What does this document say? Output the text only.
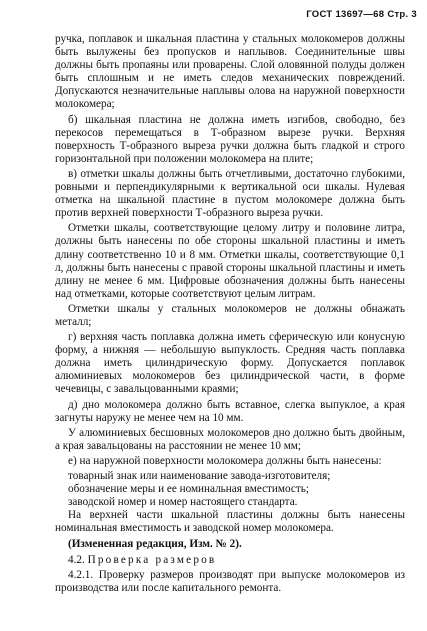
ГОСТ 13697—68 Стр. 3

ручка, поплавок и шкальная пластина у стальных молокомеров должны быть вылужены без пропусков и наплывов. Соединительные швы должны быть пропаяны или проварены. Слой оловянной полуды должен быть сплошным и не иметь следов механических повреждений. Допускаются незначительные наплывы олова на наружной поверхности молокомера;

б) шкальная пластина не должна иметь изгибов, свободно, без перекосов перемещаться в Т-образном вырезе ручки. Верхняя поверхность Т-образного выреза ручки должна быть гладкой и строго горизонтальной при положении молокомера на плите;

в) отметки шкалы должны быть отчетливыми, достаточно глубокими, ровными и перпендикулярными к вертикальной оси шкалы. Нулевая отметка на шкальной пластине в пустом молокомере должна быть против верхней поверхности Т-образного выреза ручки.

Отметки шкалы, соответствующие целому литру и половине литра, должны быть нанесены по обе стороны шкальной пластины и иметь длину соответственно 10 и 8 мм. Отметки шкалы, соответствующие 0,1 л, должны быть нанесены с правой стороны шкальной пластины и иметь длину не менее 6 мм. Цифровые обозначения должны быть нанесены над отметками, которые соответствуют целым литрам.

Отметки шкалы у стальных молокомеров не должны обнажать металл;

г) верхняя часть поплавка должна иметь сферическую или конусную форму, а нижняя — небольшую выпуклость. Средняя часть поплавка должна иметь цилиндрическую форму. Допускается поплавок алюминиевых молокомеров без цилиндрической части, в форме чечевицы, с завальцованными краями;

д) дно молокомера должно быть вставное, слегка выпуклое, а края загнуты наружу не менее чем на 10 мм.

У алюминиевых бесшовных молокомеров дно должно быть двойным, а края завальцованы на расстоянии не менее 10 мм;

е) на наружной поверхности молокомера должны быть нанесены:

товарный знак или наименование завода-изготовителя;

обозначение меры и ее номинальная вместимость;

заводской номер и номер настоящего стандарта.

На верхней части шкальной пластины должны быть нанесены номинальная вместимость и заводской номер молокомера.

(Измененная редакция, Изм. № 2).

4.2. Проверка размеров

4.2.1. Проверку размеров производят при выпуске молокомеров из производства или после капитального ремонта.
